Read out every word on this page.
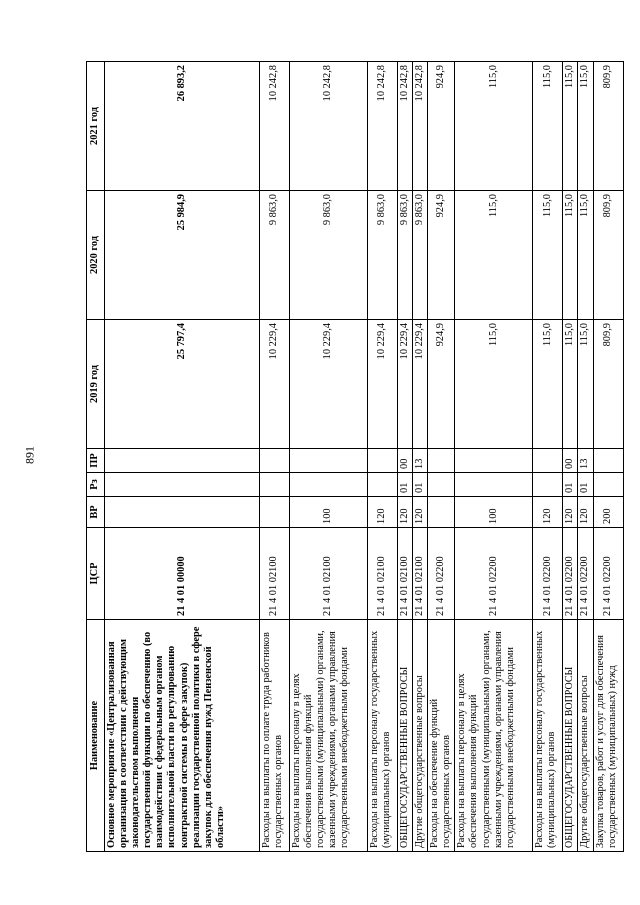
891
Наименование	ЦСР	ВР	Рз	ПР	2019 год	2020 год	2021 год
Основное мероприятие «Централизованная организация в соответствии с действующим законодательством выполнения государственной функции по обеспечению (во взаимодействии с федеральным органом исполнительной власти по регулированию контрактной системы в сфере закупок) реализации государственной политики в сфере закупок для обеспечения нужд Пензенской области»	21 4 01 00000				25 797,4	25 984,9	26 893,2
Расходы на выплаты по оплате труда работников государственных органов	21 4 01 02100				10 229,4	9 863,0	10 242,8
Расходы на выплаты персоналу в целях обеспечения выполнения функций государственными (муниципальными) органами, казенными учреждениями, органами управления государственными внебюджетными фондами	21 4 01 02100	100			10 229,4	9 863,0	10 242,8
Расходы на выплаты персоналу государственных (муниципальных) органов	21 4 01 02100	120			10 229,4	9 863,0	10 242,8
ОБЩЕГОСУДАРСТВЕННЫЕ ВОПРОСЫ	21 4 01 02100	120	01	00	10 229,4	9 863,0	10 242,8
Другие общегосударственные вопросы	21 4 01 02100	120	01	13	10 229,4	9 863,0	10 242,8
Расходы на обеспечение функций государственных органов	21 4 01 02200				924,9	924,9	924,9
Расходы на выплаты персоналу в целях обеспечения выполнения функций государственными (муниципальными) органами, казенными учреждениями, органами управления государственными внебюджетными фондами	21 4 01 02200	100			115,0	115,0	115,0
Расходы на выплаты персоналу государственных (муниципальных) органов	21 4 01 02200	120			115,0	115,0	115,0
ОБЩЕГОСУДАРСТВЕННЫЕ ВОПРОСЫ	21 4 01 02200	120	01	00	115,0	115,0	115,0
Другие общегосударственные вопросы	21 4 01 02200	120	01	13	115,0	115,0	115,0
Закупка товаров, работ и услуг для обеспечения государственных (муниципальных) нужд	21 4 01 02200	200			809,9	809,9	809,9
